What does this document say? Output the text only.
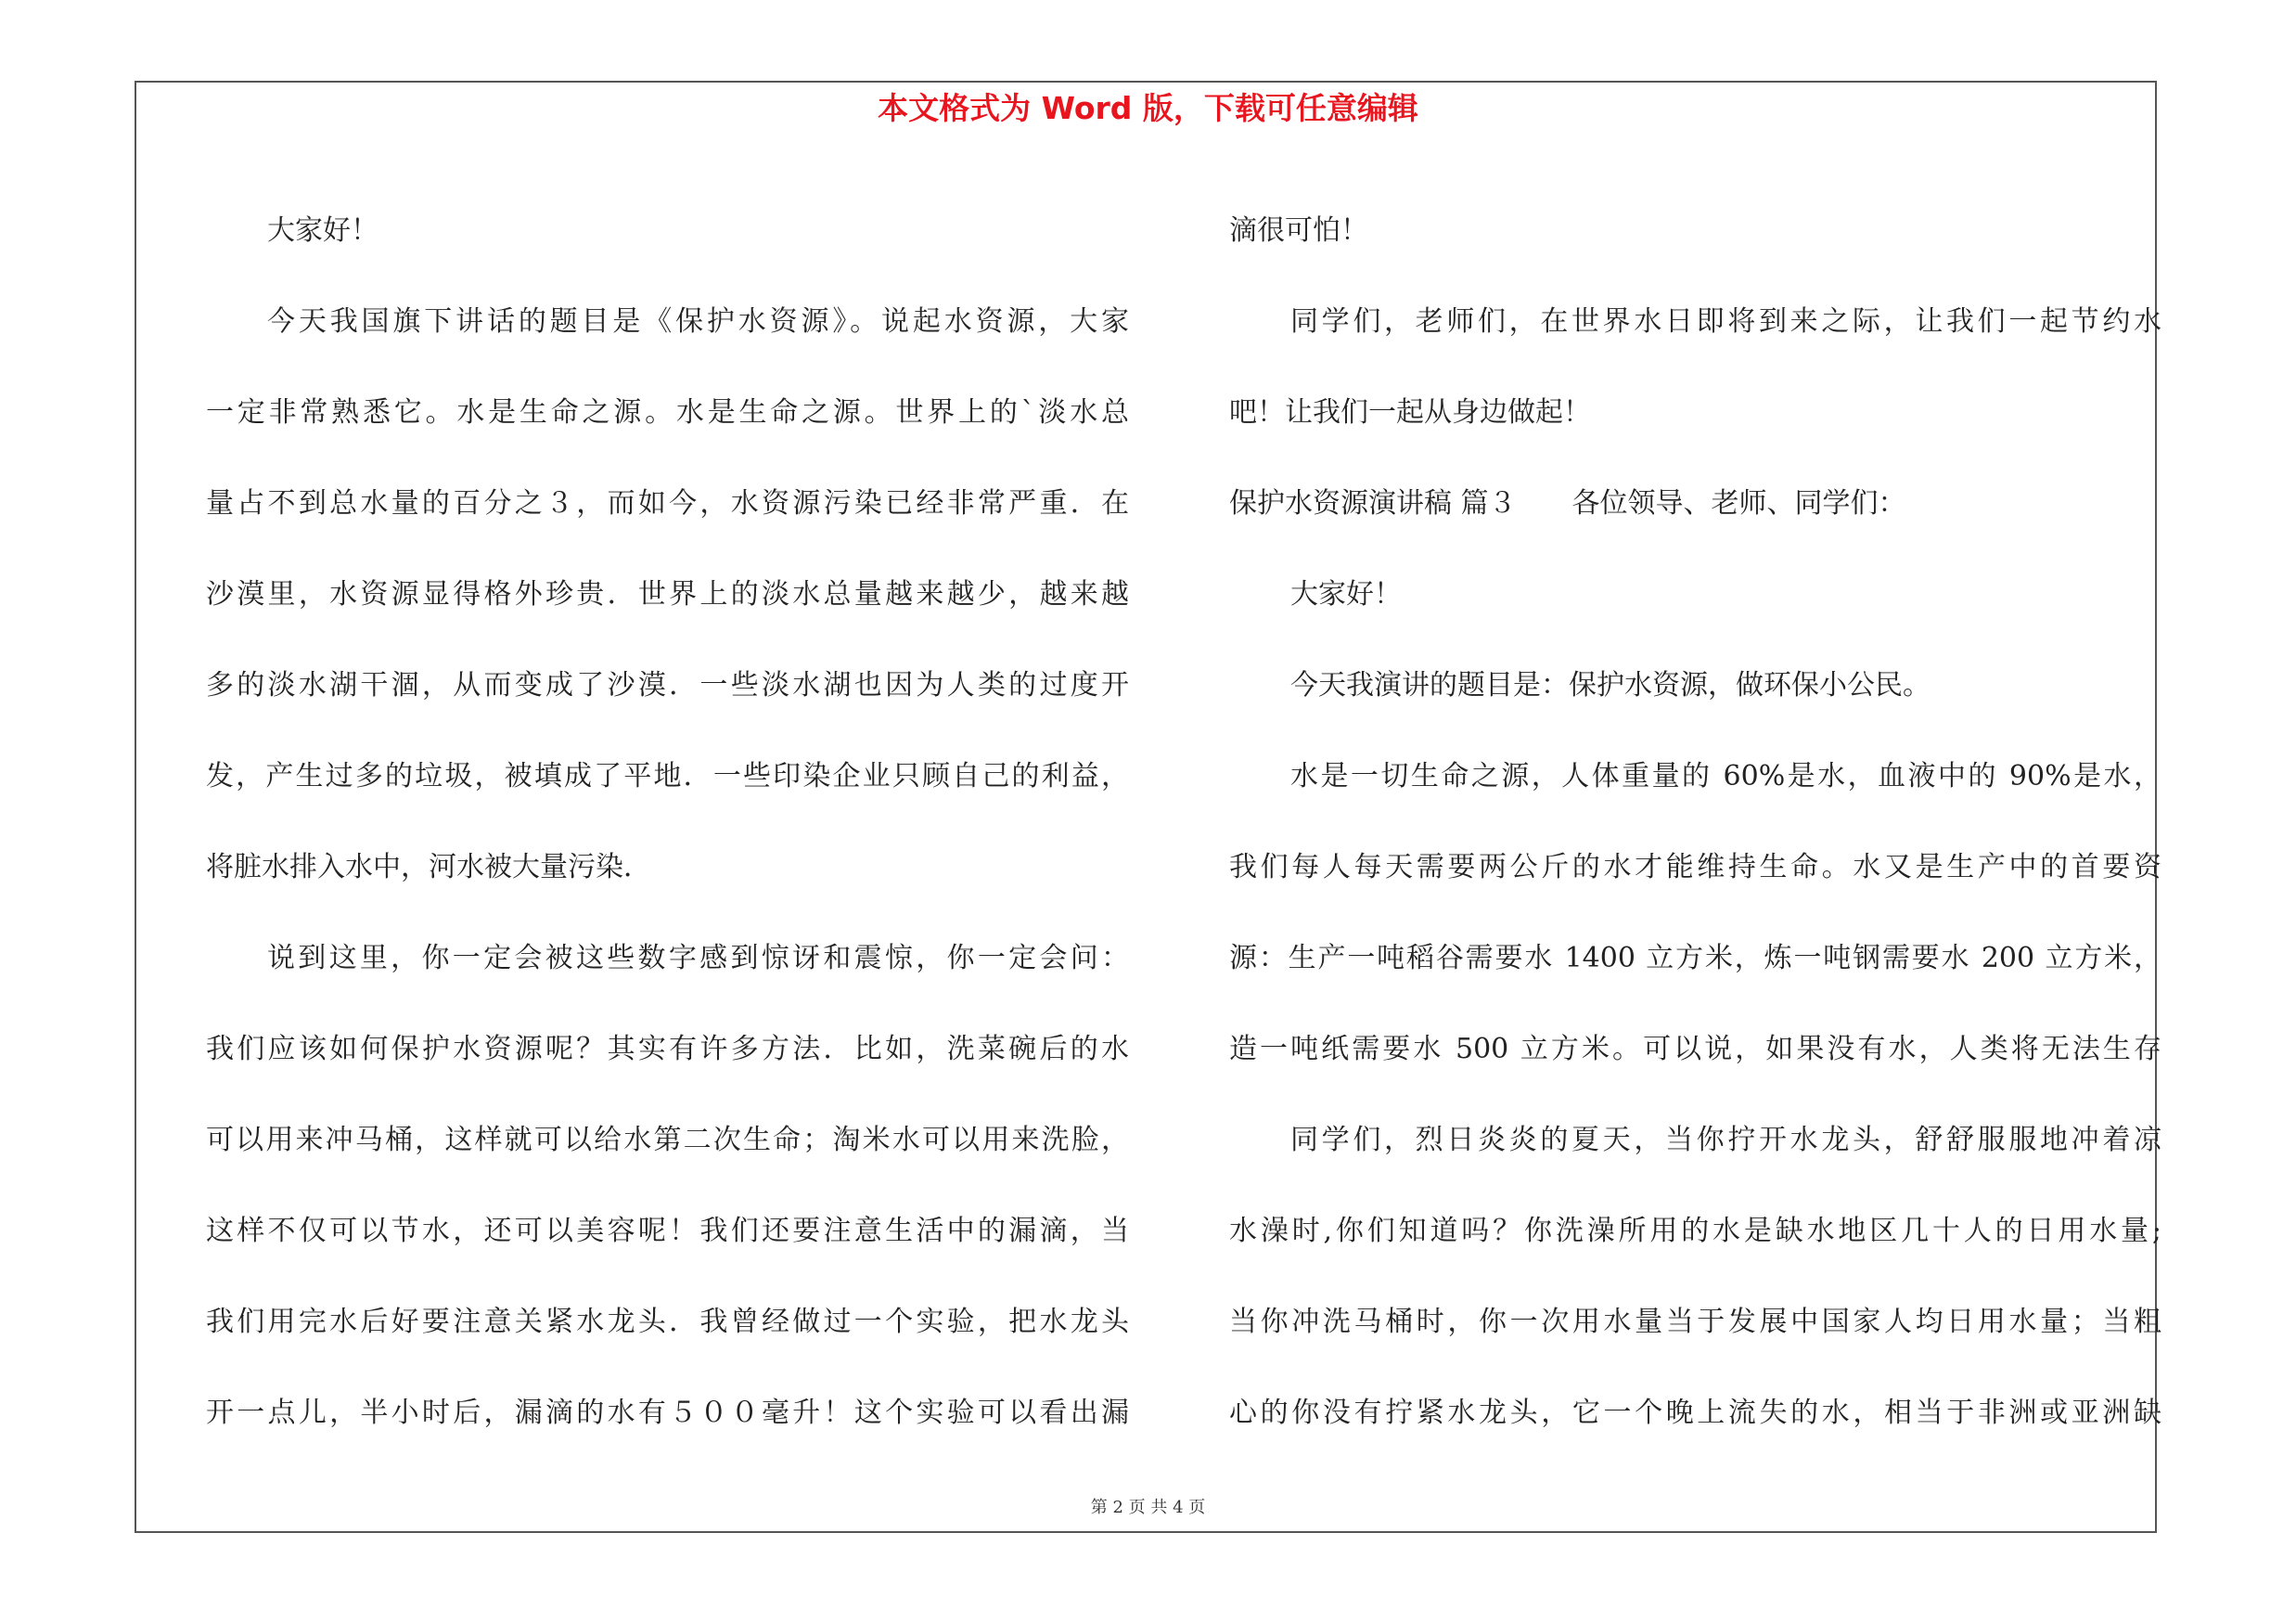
本文格式为 Word 版，下载可任意编辑
大家好！
今天我国旗下讲话的题目是《保护水资源》。说起水资源，大家
一定非常熟悉它。水是生命之源。水是生命之源。世界上的`淡水总
量占不到总水量的百分之３，而如今，水资源污染已经非常严重．在
沙漠里，水资源显得格外珍贵．世界上的淡水总量越来越少，越来越
多的淡水湖干涸，从而变成了沙漠．一些淡水湖也因为人类的过度开
发，产生过多的垃圾，被填成了平地．一些印染企业只顾自己的利益，
将脏水排入水中，河水被大量污染．
说到这里，你一定会被这些数字感到惊讶和震惊，你一定会问：
我们应该如何保护水资源呢？其实有许多方法．比如，洗菜碗后的水
可以用来冲马桶，这样就可以给水第二次生命；淘米水可以用来洗脸，
这样不仅可以节水，还可以美容呢！我们还要注意生活中的漏滴，当
我们用完水后好要注意关紧水龙头．我曾经做过一个实验，把水龙头
开一点儿，半小时后，漏滴的水有５００毫升！这个实验可以看出漏
滴很可怕！
同学们，老师们，在世界水日即将到来之际，让我们一起节约水
吧！让我们一起从身边做起！
保护水资源演讲稿 篇３　　各位领导、老师、同学们：
大家好！
今天我演讲的题目是：保护水资源，做环保小公民。
水是一切生命之源，人体重量的 60%是水，血液中的 90%是水，
我们每人每天需要两公斤的水才能维持生命。水又是生产中的首要资
源：生产一吨稻谷需要水 1400 立方米，炼一吨钢需要水 200 立方米，
造一吨纸需要水 500 立方米。可以说，如果没有水，人类将无法生存
同学们，烈日炎炎的夏天，当你拧开水龙头，舒舒服服地冲着凉
水澡时,你们知道吗？你洗澡所用的水是缺水地区几十人的日用水量;
当你冲洗马桶时，你一次用水量当于发展中国家人均日用水量；当粗
心的你没有拧紧水龙头，它一个晚上流失的水，相当于非洲或亚洲缺
第 2 页 共 4 页
